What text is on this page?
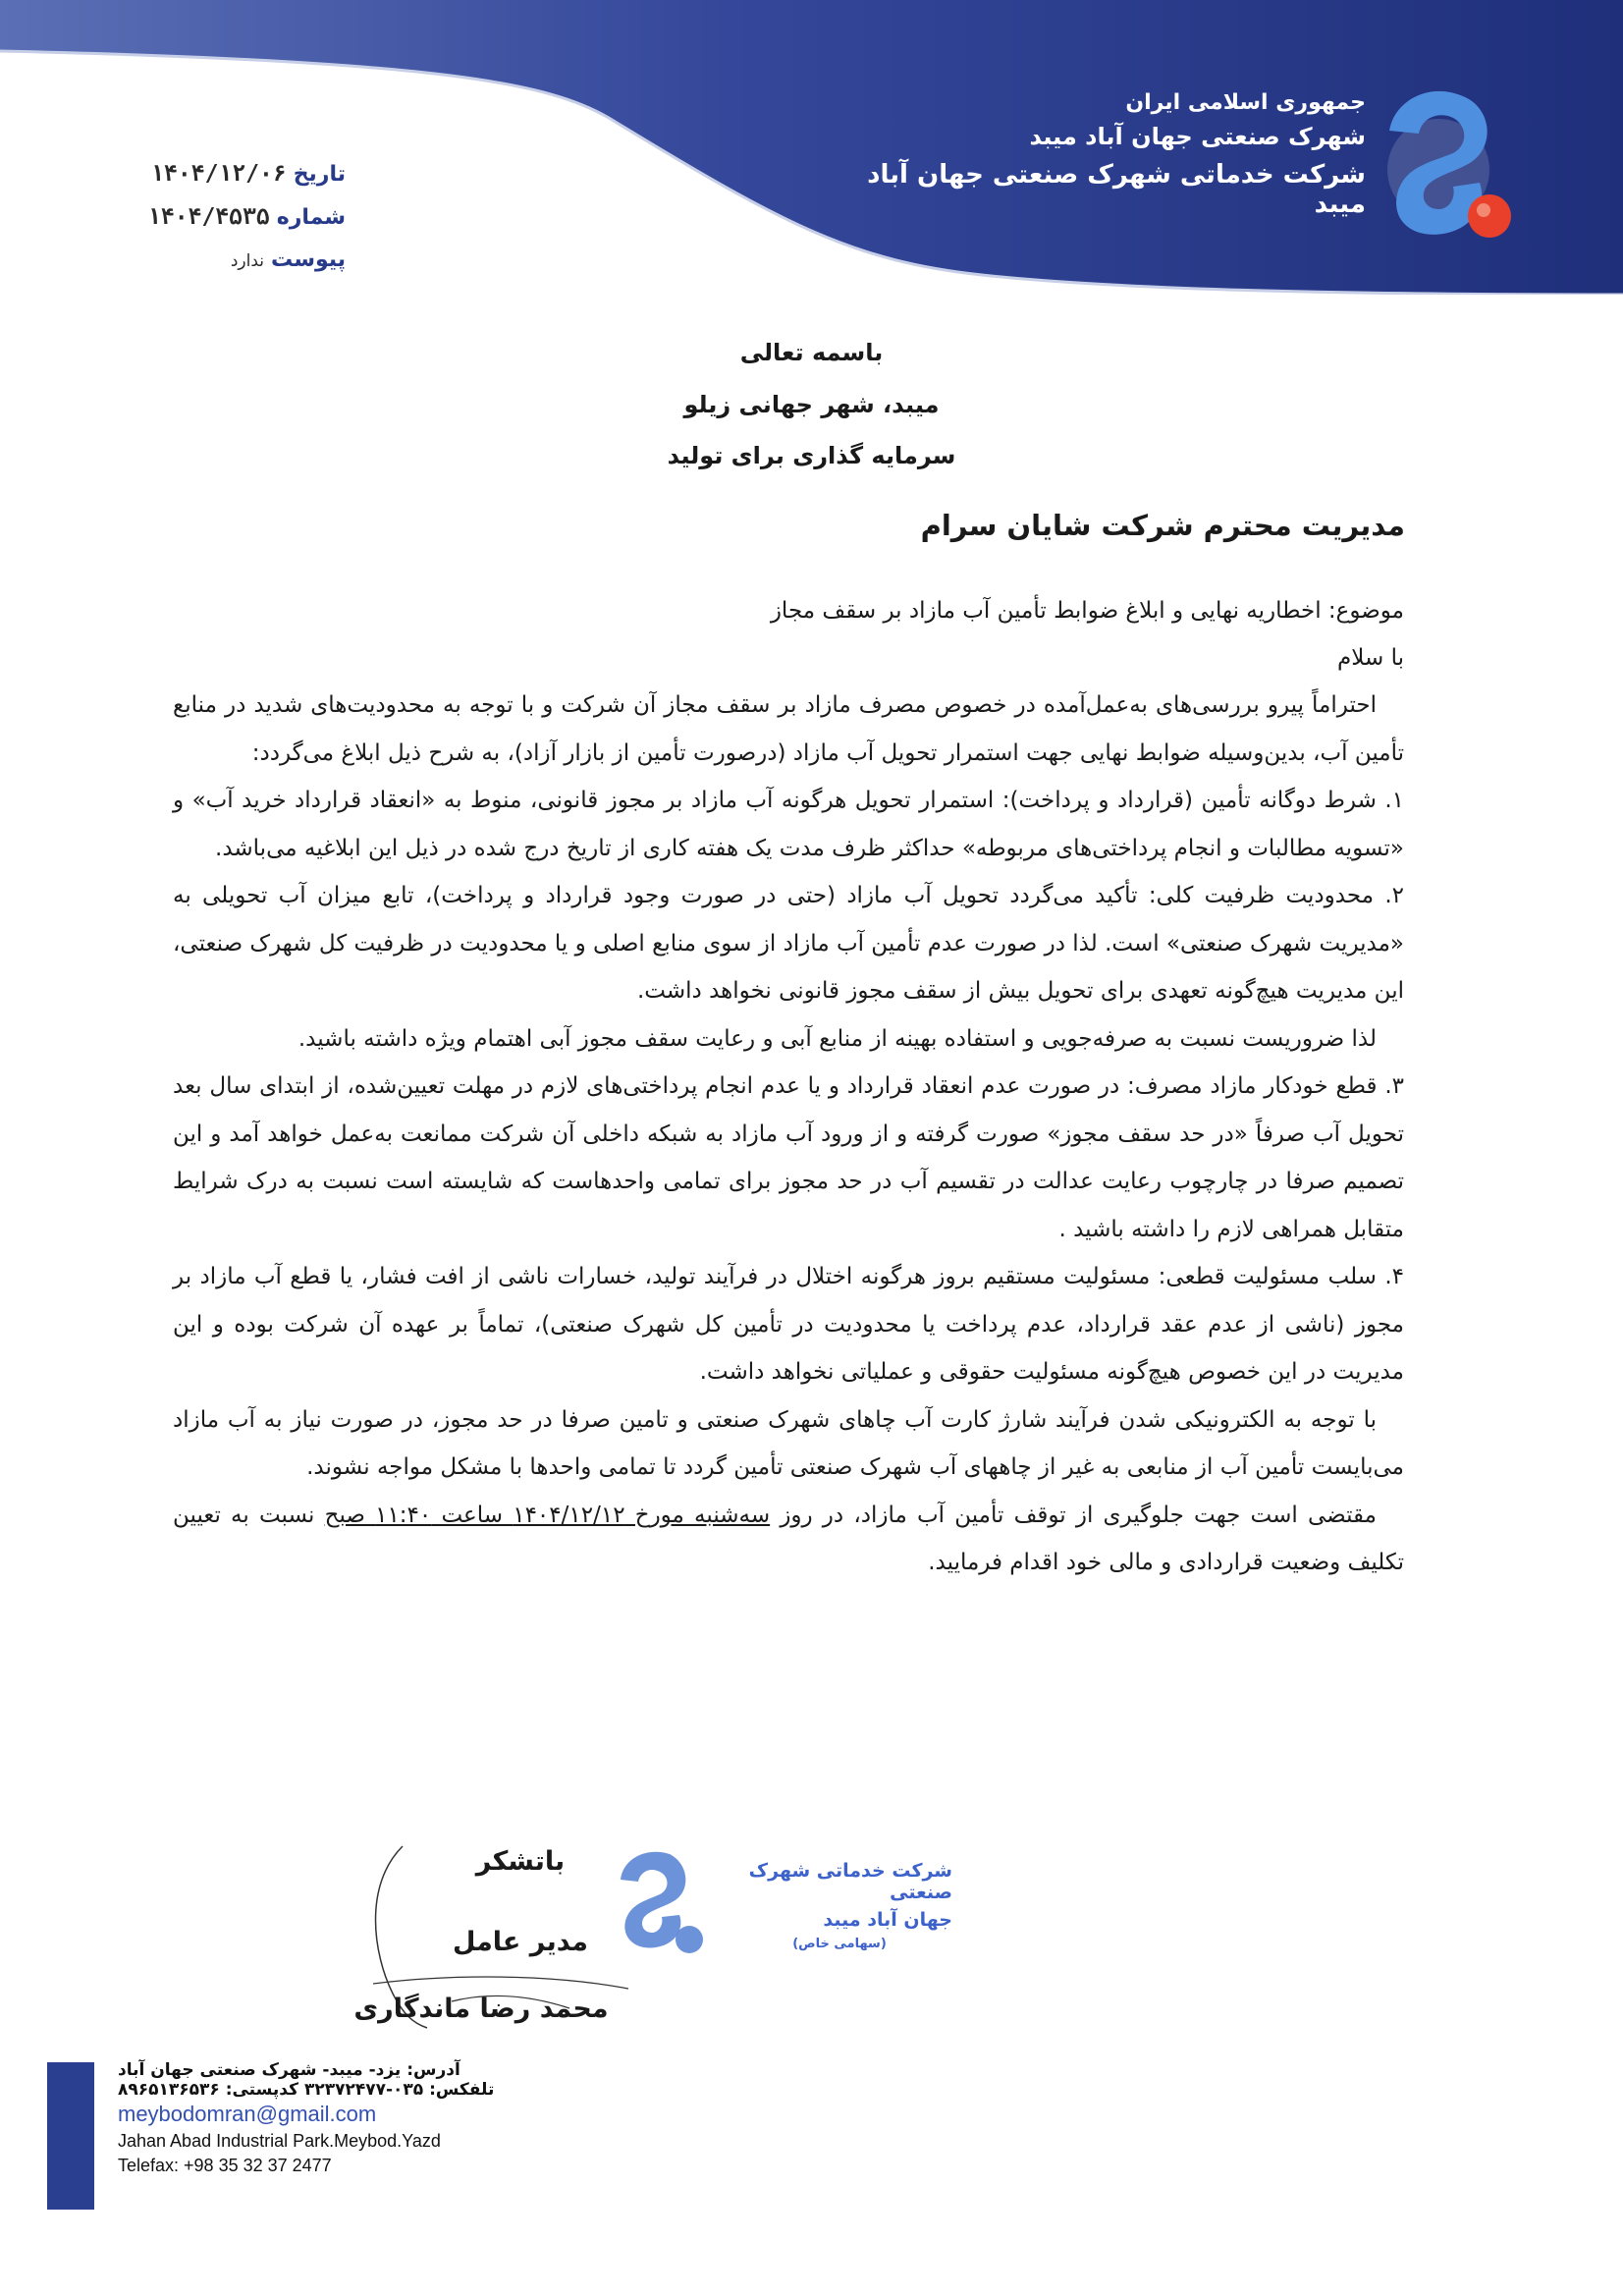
جمهوری اسلامی ایران
شهرک صنعتی جهان آباد میبد
شرکت خدماتی شهرک صنعتی جهان آباد میبد
تاریخ ۱۴۰۴/۱۲/۰۶
شماره ۱۴۰۴/۴۵۳۵
پیوست ندارد
باسمه تعالی
میبد، شهر جهانی زیلو
سرمایه گذاری برای تولید
مدیریت محترم شرکت شایان سرام
موضوع: اخطاریه نهایی و ابلاغ ضوابط تأمین آب مازاد بر سقف مجاز
با سلام

احتراماً پیرو بررسی‌های به‌عمل‌آمده در خصوص مصرف مازاد بر سقف مجاز آن شرکت و با توجه به محدودیت‌های شدید در منابع تأمین آب، بدین‌وسیله ضوابط نهایی جهت استمرار تحویل آب مازاد (درصورت تأمین از بازار آزاد)، به شرح ذیل ابلاغ می‌گردد:

۱. شرط دوگانه تأمین (قرارداد و پرداخت): استمرار تحویل هرگونه آب مازاد بر مجوز قانونی، منوط به «انعقاد قرارداد خرید آب» و «تسویه مطالبات و انجام پرداختی‌های مربوطه» حداکثر ظرف مدت یک هفته کاری از تاریخ درج شده در ذیل این ابلاغیه می‌باشد.

۲. محدودیت ظرفیت کلی: تأکید می‌گردد تحویل آب مازاد (حتی در صورت وجود قرارداد و پرداخت)، تابع میزان آب تحویلی به «مدیریت شهرک صنعتی» است. لذا در صورت عدم تأمین آب مازاد از سوی منابع اصلی و یا محدودیت در ظرفیت کل شهرک صنعتی، این مدیریت هیچ‌گونه تعهدی برای تحویل بیش از سقف مجوز قانونی نخواهد داشت.

لذا ضروریست نسبت به صرفه‌جویی و استفاده بهینه از منابع آبی و رعایت سقف مجوز آبی اهتمام ویژه داشته باشید.

۳. قطع خودکار مازاد مصرف: در صورت عدم انعقاد قرارداد و یا عدم انجام پرداختی‌های لازم در مهلت تعیین‌شده، از ابتدای سال بعد تحویل آب صرفاً «در حد سقف مجوز» صورت گرفته و از ورود آب مازاد به شبکه داخلی آن شرکت ممانعت به‌عمل خواهد آمد و این تصمیم صرفا در چارچوب رعایت عدالت در تقسیم آب در حد مجوز برای تمامی واحدهاست که شایسته است نسبت به درک شرایط متقابل همراهی لازم را داشته باشید .

۴. سلب مسئولیت قطعی: مسئولیت مستقیم بروز هرگونه اختلال در فرآیند تولید، خسارات ناشی از افت فشار، یا قطع آب مازاد بر مجوز (ناشی از عدم عقد قرارداد، عدم پرداخت یا محدودیت در تأمین کل شهرک صنعتی)، تماماً بر عهده آن شرکت بوده و این مدیریت در این خصوص هیچ‌گونه مسئولیت حقوقی و عملیاتی نخواهد داشت.

با توجه به الکترونیکی شدن فرآیند شارژ کارت آب چاهای شهرک صنعتی و تامین صرفا در حد مجوز، در صورت نیاز به آب مازاد می‌بایست تأمین آب از منابعی به غیر از چاههای آب شهرک صنعتی تأمین گردد تا تمامی واحدها با مشکل مواجه نشوند.

مقتضی است جهت جلوگیری از توقف تأمین آب مازاد، در روز سه‌شنبه مورخ ۱۴۰۴/۱۲/۱۲ ساعت ۱۱:۴۰ صبح نسبت به تعیین تکلیف وضعیت قراردادی و مالی خود اقدام فرمایید.

باتشکر
مدیر عامل
محمد رضا ماندگاری
شرکت خدماتی شهرک صنعتی
جهان آباد میبد
(سهامی خاص)
آدرس: یزد- میبد- شهرک صنعتی جهان آباد
تلفکس: ۳۲۳۷۲۴۷۷-۰۳۵ کدپستی: ۸۹۶۵۱۳۶۵۳۶
meybodomran@gmail.com
Jahan Abad Industrial Park.Meybod.Yazd
Telefax: +98 35 32 37 2477
